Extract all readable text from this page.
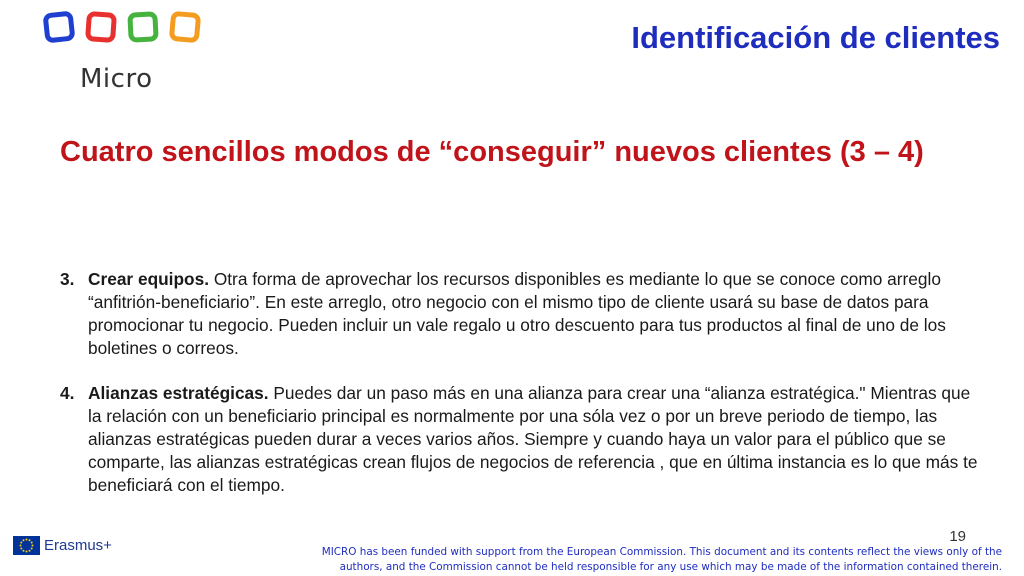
Micro
Identificación de clientes
Cuatro sencillos modos de “conseguir” nuevos clientes (3 – 4)
3. Crear equipos. Otra forma de aprovechar los recursos disponibles es mediante lo que se conoce como arreglo “anfitrión-beneficiario”. En este arreglo, otro negocio con el mismo tipo de cliente usará su base de datos para promocionar tu negocio. Pueden incluir un vale regalo u otro descuento para tus productos al final de uno de los boletines o correos.
4. Alianzas estratégicas. Puedes dar un paso más en una alianza para crear una “alianza estratégica." Mientras que la relación con un beneficiario principal es normalmente por una sóla vez o por un breve periodo de tiempo, las alianzas estratégicas pueden durar a veces varios años. Siempre y cuando haya un valor para el público que se comparte, las alianzas estratégicas crean flujos de negocios de referencia , que en última instancia es lo que más te beneficiará con el tiempo.
19
Erasmus+	MICRO has been funded with support from the European Commission. This document and its contents reflect the views only of the authors, and the Commission cannot be held responsible for any use which may be made of the information contained therein.
